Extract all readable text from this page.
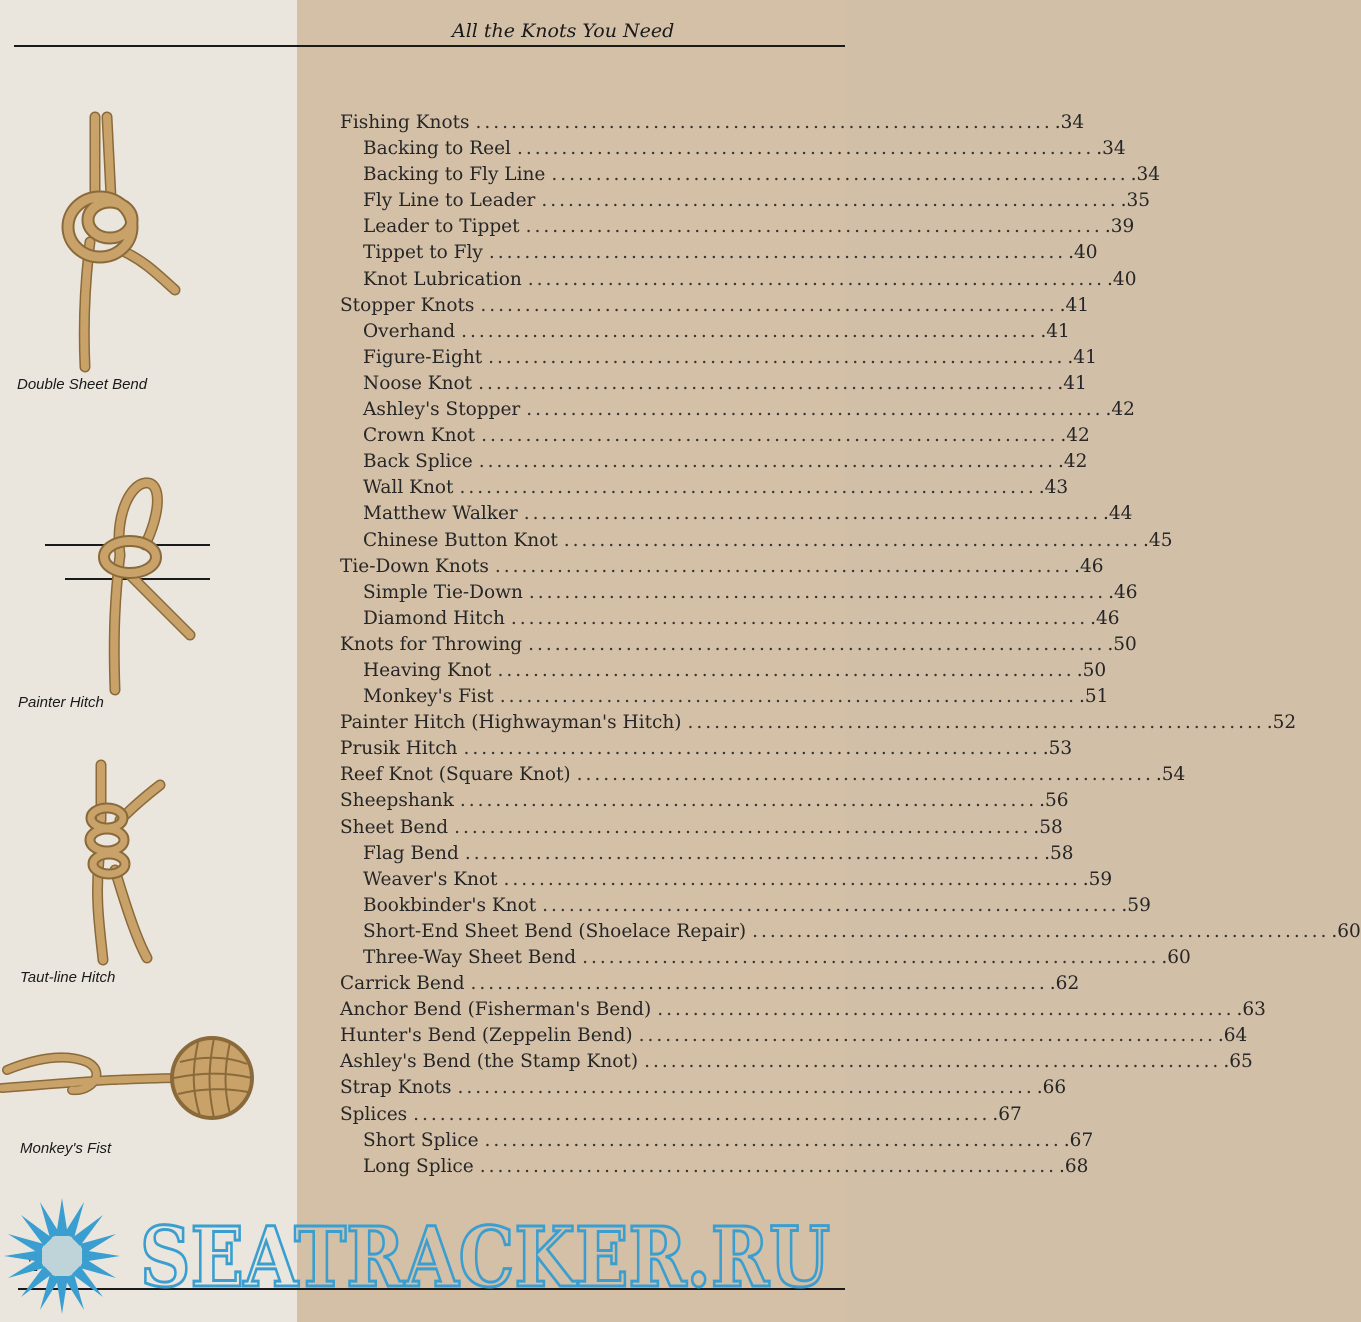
All the Knots You Need
Double Sheet Bend
Painter Hitch
Taut-line Hitch
Monkey's Fist
Fishing Knots ................................................................. .34
Backing to Reel ................................................................. .34
Backing to Fly Line ................................................................. .34
Fly Line to Leader ................................................................. .35
Leader to Tippet ................................................................. .39
Tippet to Fly ................................................................. .40
Knot Lubrication ................................................................. .40
Stopper Knots ................................................................. .41
Overhand ................................................................. .41
Figure-Eight ................................................................. .41
Noose Knot ................................................................. .41
Ashley's Stopper ................................................................. .42
Crown Knot ................................................................. .42
Back Splice ................................................................. .42
Wall Knot ................................................................. .43
Matthew Walker ................................................................. .44
Chinese Button Knot ................................................................. .45
Tie-Down Knots ................................................................. .46
Simple Tie-Down ................................................................. .46
Diamond Hitch ................................................................. .46
Knots for Throwing ................................................................. .50
Heaving Knot ................................................................. .50
Monkey's Fist ................................................................. .51
Painter Hitch (Highwayman's Hitch) ................................................................. .52
Prusik Hitch ................................................................. .53
Reef Knot (Square Knot) ................................................................. .54
Sheepshank ................................................................. .56
Sheet Bend ................................................................. .58
Flag Bend ................................................................. .58
Weaver's Knot ................................................................. .59
Bookbinder's Knot ................................................................. .59
Short-End Sheet Bend (Shoelace Repair) ................................................................. .60
Three-Way Sheet Bend ................................................................. .60
Carrick Bend ................................................................. .62
Anchor Bend (Fisherman's Bend) ................................................................. .63
Hunter's Bend (Zeppelin Bend) ................................................................. .64
Ashley's Bend (the Stamp Knot) ................................................................. .65
Strap Knots ................................................................. .66
Splices ................................................................. .67
Short Splice ................................................................. .67
Long Splice ................................................................. .68
SEATRACKER.RU
